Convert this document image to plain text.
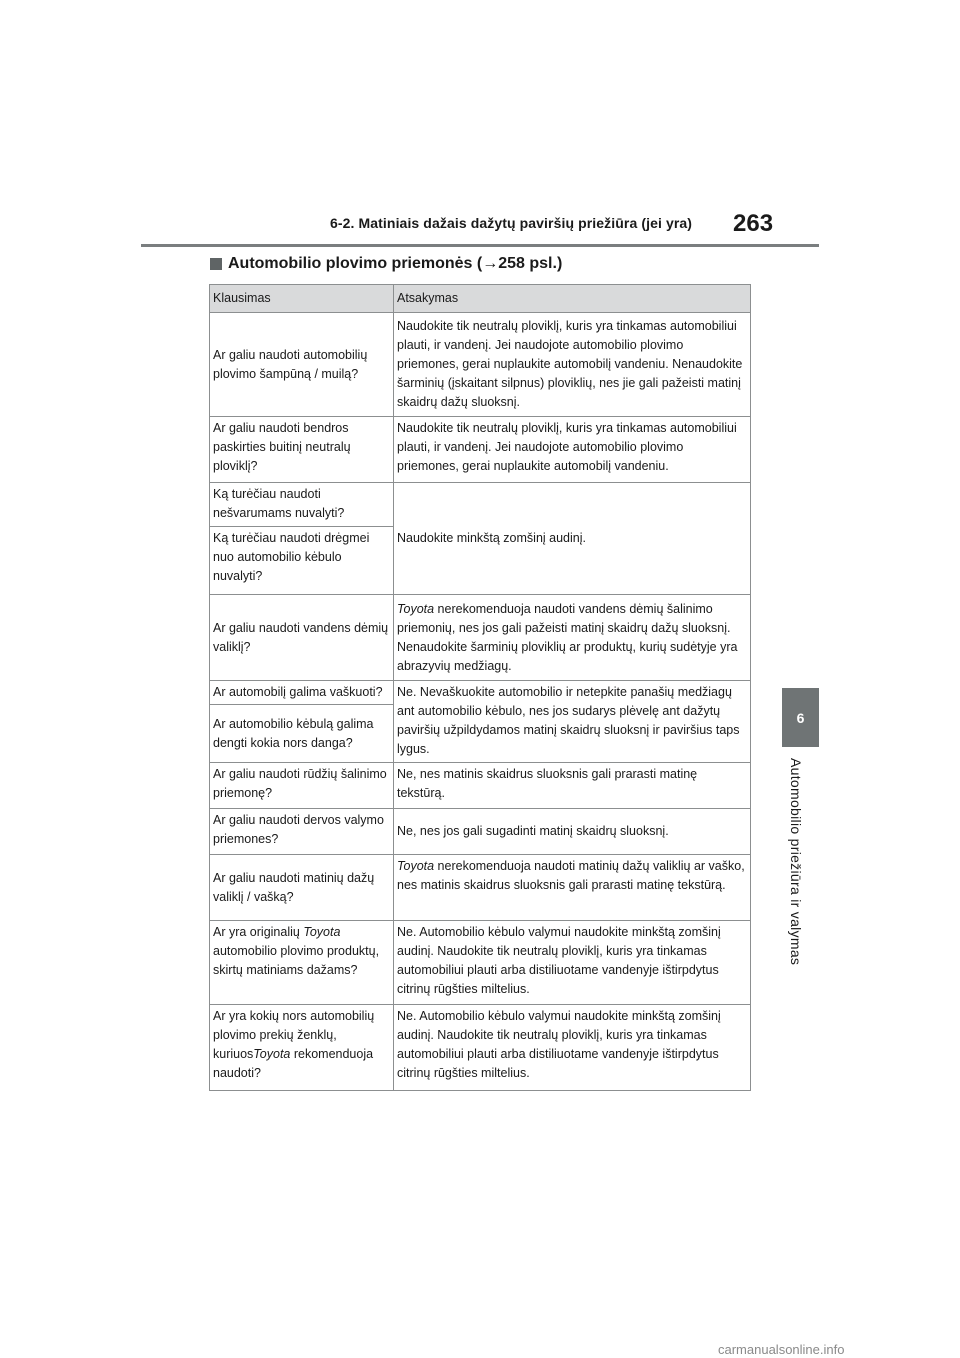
6-2. Matiniais dažais dažytų paviršių priežiūra (jei yra) 263
6
Automobilio priežiūra ir valymas
Automobilio plovimo priemonės ( → 258 psl.)
Klausimas	Atsakymas
Ar galiu naudoti automobilių plovimo šampūną / muilą?	Naudokite tik neutralų ploviklį, kuris yra tinkamas automobiliui plauti, ir vandenį. Jei naudojote automobilio plovimo priemones, gerai nuplaukite automobilį vandeniu. Nenaudokite šarminių (įskaitant silpnus) ploviklių, nes jie gali pažeisti matinį skaidrų dažų sluoksnį.
Ar galiu naudoti bendros paskirties buitinį neutralų ploviklį?	Naudokite tik neutralų ploviklį, kuris yra tinkamas automobiliui plauti, ir vandenį. Jei naudojote automobilio plovimo priemones, gerai nuplaukite automobilį vandeniu.
Ką turėčiau naudoti nešvarumams nuvalyti?	Naudokite minkštą zomšinį audinį.
Ką turėčiau naudoti drėgmei nuo automobilio kėbulo nuvalyti?	
Ar galiu naudoti vandens dėmių valiklį?	Toyota nerekomenduoja naudoti vandens dėmių šalinimo priemonių, nes jos gali pažeisti matinį skaidrų dažų sluoksnį. Nenaudokite šarminių ploviklių ar produktų, kurių sudėtyje yra abrazyvių medžiagų.
Ar automobilį galima vaškuoti?	Ne. Nevaškuokite automobilio ir netepkite panašių medžiagų ant automobilio kėbulo, nes jos sudarys plėvelę ant dažytų paviršių užpildydamos matinį skaidrų sluoksnį ir paviršius taps lygus.
Ar automobilio kėbulą galima dengti kokia nors danga?	
Ar galiu naudoti rūdžių šalinimo priemonę?	Ne, nes matinis skaidrus sluoksnis gali prarasti matinę tekstūrą.
Ar galiu naudoti dervos valymo priemones?	Ne, nes jos gali sugadinti matinį skaidrų sluoksnį.
Ar galiu naudoti matinių dažų valiklį / vašką?	Toyota nerekomenduoja naudoti matinių dažų valiklių ar vaško, nes matinis skaidrus sluoksnis gali prarasti matinę tekstūrą.
Ar yra originalių Toyota automobilio plovimo produktų, skirtų matiniams dažams?	Ne. Automobilio kėbulo valymui naudokite minkštą zomšinį audinį. Naudokite tik neutralų ploviklį, kuris yra tinkamas automobiliui plauti arba distiliuotame vandenyje ištirpdytus citrinų rūgšties miltelius.
Ar yra kokių nors automobilių plovimo prekių ženklų, kuriuosToyota rekomenduoja naudoti?	Ne. Automobilio kėbulo valymui naudokite minkštą zomšinį audinį. Naudokite tik neutralų ploviklį, kuris yra tinkamas automobiliui plauti arba distiliuotame vandenyje ištirpdytus citrinų rūgšties miltelius.
carmanualsonline.info
